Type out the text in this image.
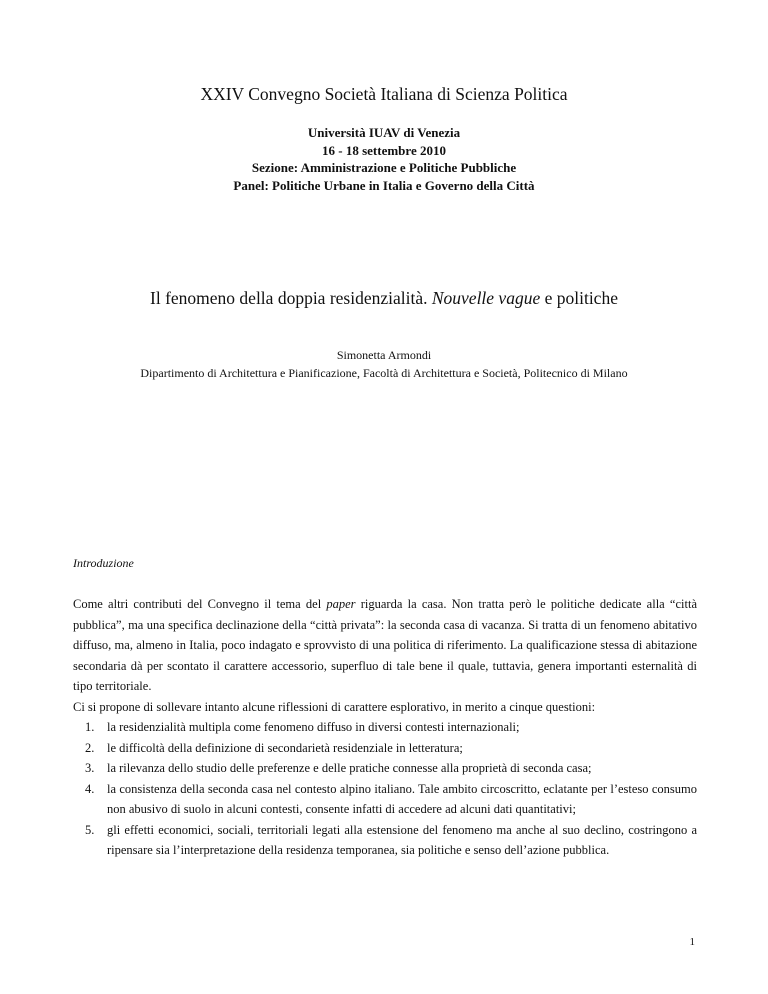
XXIV Convegno Società Italiana di Scienza Politica
Università IUAV di Venezia
16 - 18 settembre 2010
Sezione: Amministrazione e Politiche Pubbliche
Panel: Politiche Urbane in Italia e Governo della Città
Il fenomeno della doppia residenzialità. Nouvelle vague e politiche
Simonetta Armondi
Dipartimento di Architettura e Pianificazione, Facoltà di Architettura e Società, Politecnico di Milano
Introduzione
Come altri contributi del Convegno il tema del paper riguarda la casa. Non tratta però le politiche dedicate alla “città pubblica”, ma una specifica declinazione della “città privata”: la seconda casa di vacanza. Si tratta di un fenomeno abitativo diffuso, ma, almeno in Italia, poco indagato e sprovvisto di una politica di riferimento. La qualificazione stessa di abitazione secondaria dà per scontato il carattere accessorio, superfluo di tale bene il quale, tuttavia, genera importanti esternalità di tipo territoriale.
Ci si propone di sollevare intanto alcune riflessioni di carattere esplorativo, in merito a cinque questioni:
1. la residenzialità multipla come fenomeno diffuso in diversi contesti internazionali;
2. le difficoltà della definizione di secondarietà residenziale in letteratura;
3. la rilevanza dello studio delle preferenze e delle pratiche connesse alla proprietà di seconda casa;
4. la consistenza della seconda casa nel contesto alpino italiano. Tale ambito circoscritto, eclatante per l’esteso consumo non abusivo di suolo in alcuni contesti, consente infatti di accedere ad alcuni dati quantitativi;
5. gli effetti economici, sociali, territoriali legati alla estensione del fenomeno ma anche al suo declino, costringono a ripensare sia l’interpretazione della residenza temporanea, sia politiche e senso dell’azione pubblica.
1
